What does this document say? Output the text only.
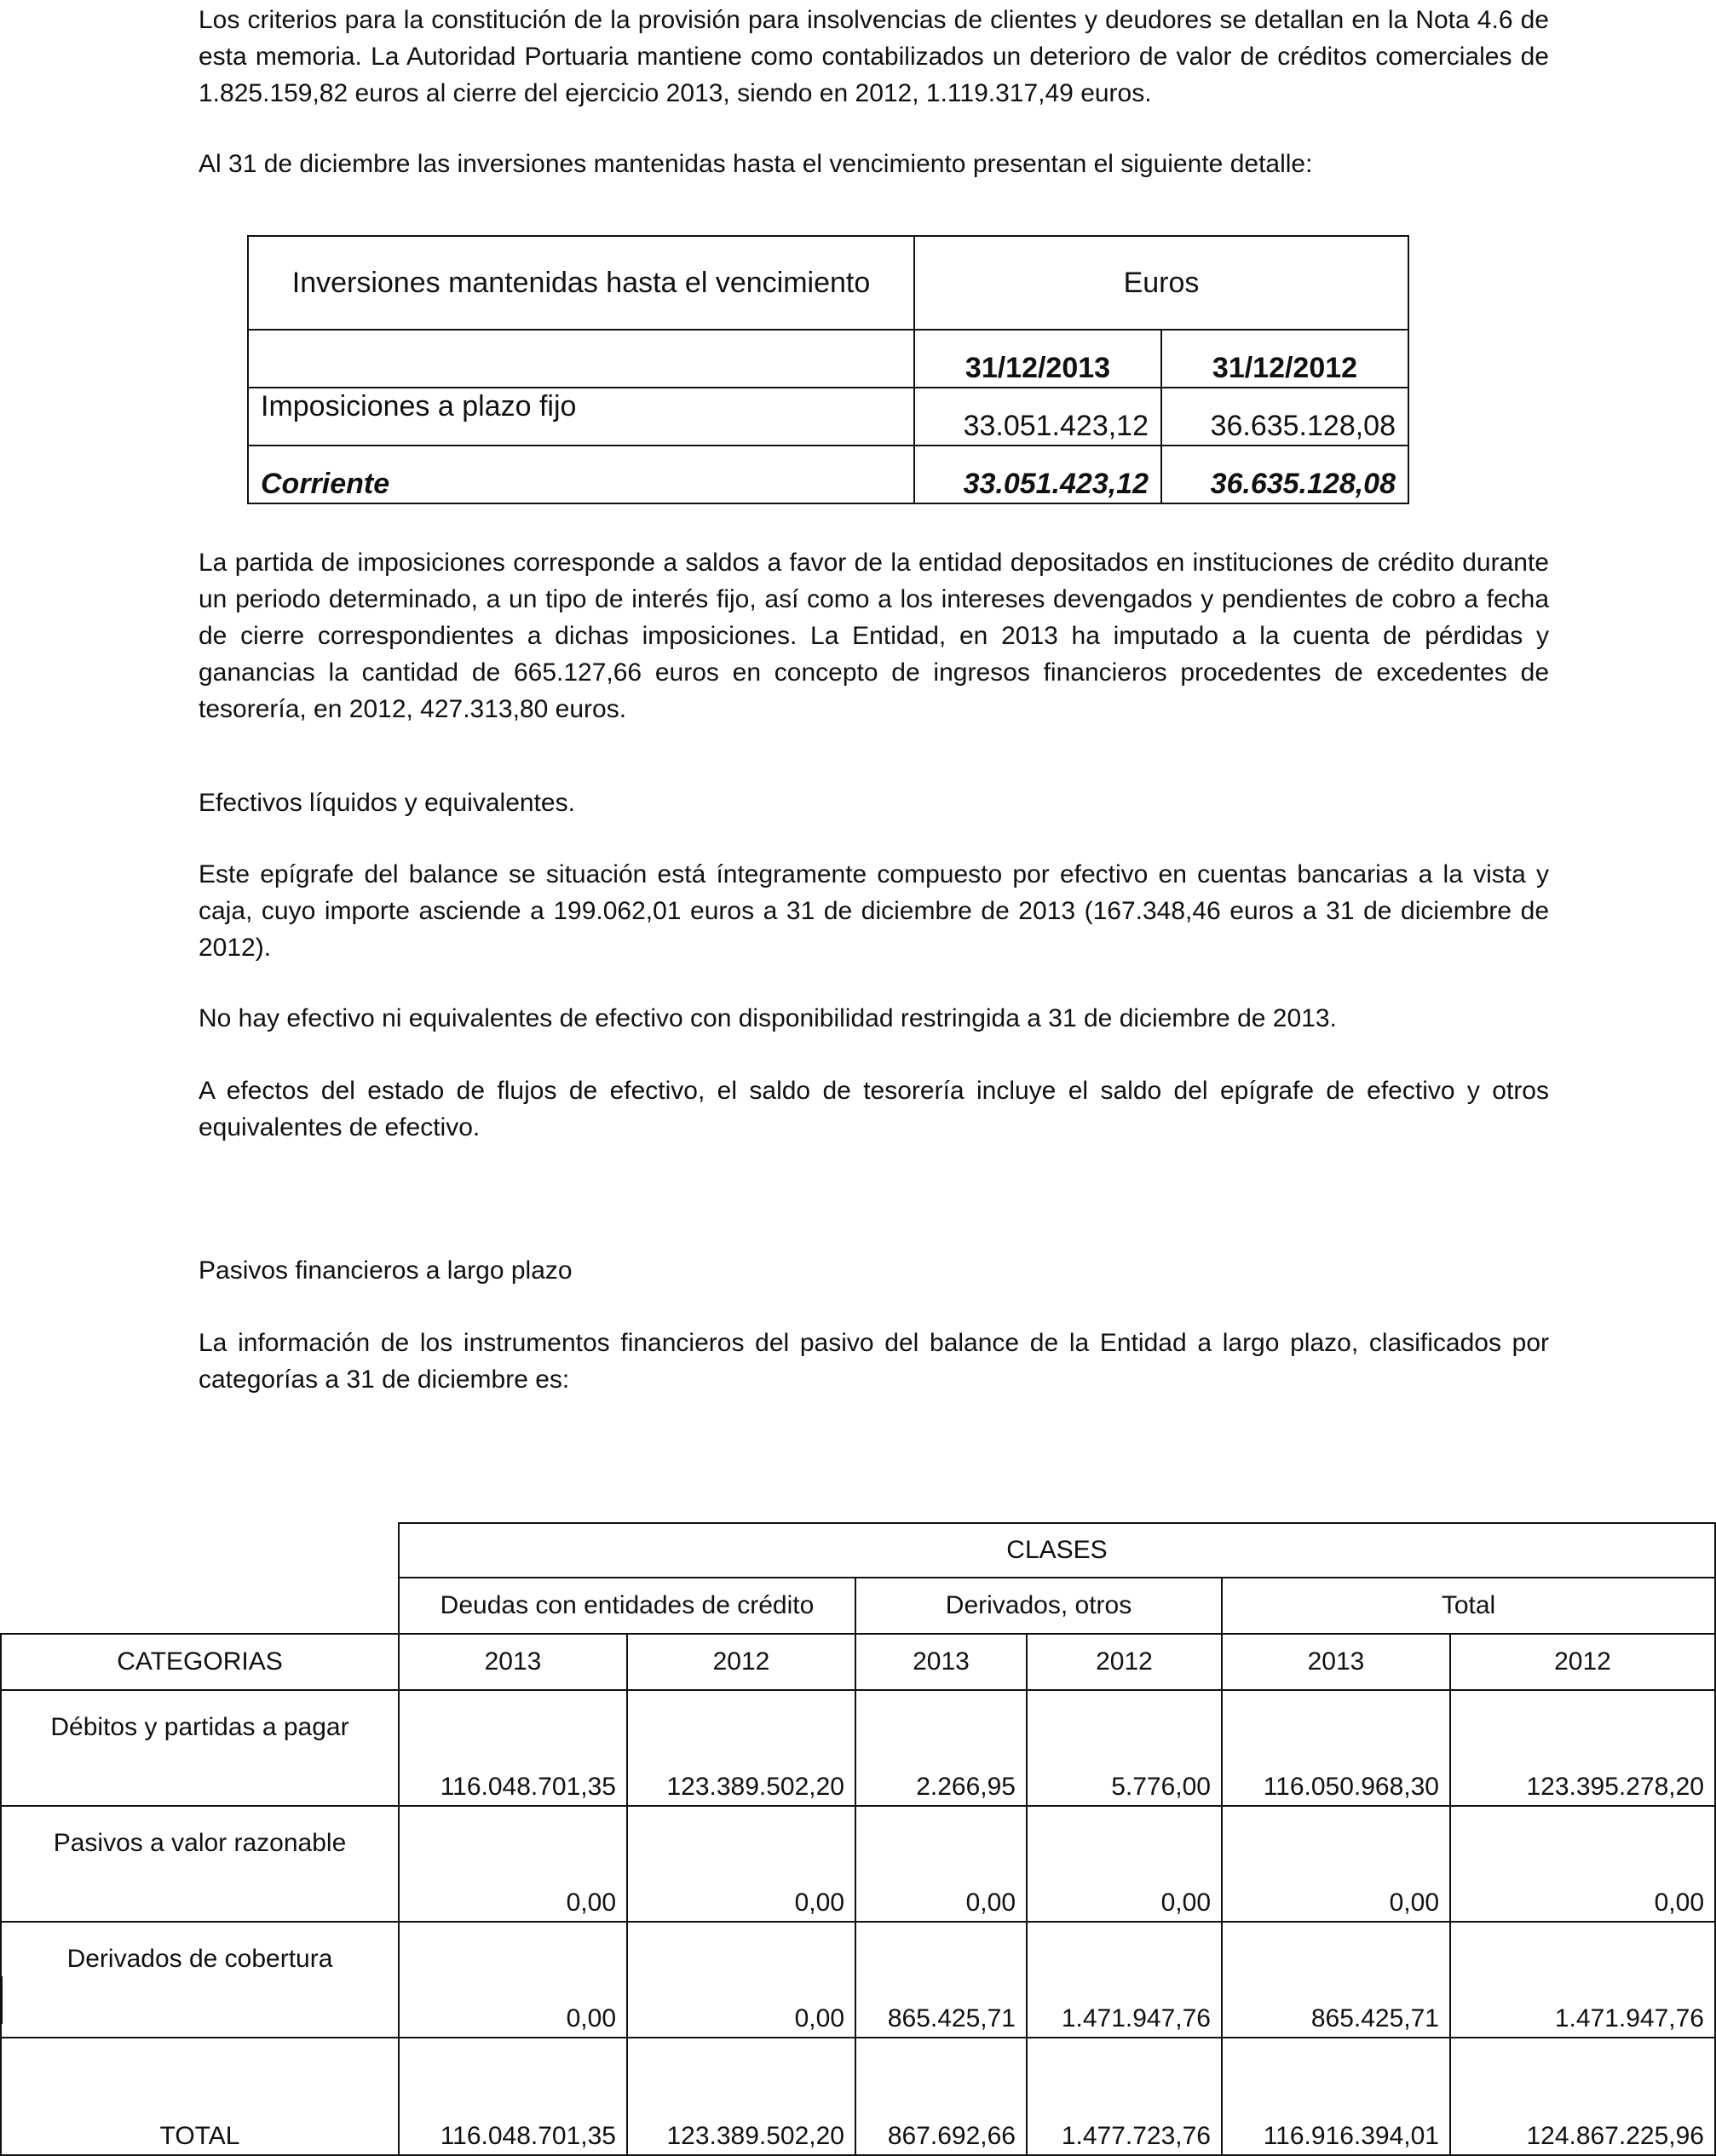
Los criterios para la constitución de la provisión para insolvencias de clientes y deudores se detallan en la Nota 4.6 de esta memoria. La Autoridad Portuaria mantiene como contabilizados un deterioro de valor de créditos comerciales de 1.825.159,82 euros al cierre del ejercicio 2013, siendo en 2012, 1.119.317,49 euros.

Al 31 de diciembre las inversiones mantenidas hasta el vencimiento presentan el siguiente detalle:

Inversiones mantenidas hasta el vencimiento	Euros	
	31/12/2013	31/12/2012
Imposiciones a plazo fijo	33.051.423,12	36.635.128,08
Corriente	33.051.423,12	36.635.128,08

La partida de imposiciones corresponde a saldos a favor de la entidad depositados en instituciones de crédito durante un periodo determinado, a un tipo de interés fijo, así como a los intereses devengados y pendientes de cobro a fecha de cierre correspondientes a dichas imposiciones. La Entidad, en 2013 ha imputado a la cuenta de pérdidas y ganancias la cantidad de 665.127,66 euros en concepto de ingresos financieros procedentes de excedentes de tesorería, en 2012, 427.313,80 euros.

Efectivos líquidos y equivalentes.

Este epígrafe del balance se situación está íntegramente compuesto por efectivo en cuentas bancarias a la vista y caja, cuyo importe asciende a 199.062,01 euros a 31 de diciembre de 2013 (167.348,46 euros a 31 de diciembre de 2012).

No hay efectivo ni equivalentes de efectivo con disponibilidad restringida a 31 de diciembre de 2013.

A efectos del estado de flujos de efectivo, el saldo de tesorería incluye el saldo del epígrafe de efectivo y otros equivalentes de efectivo.

Pasivos financieros a largo plazo

La información de los instrumentos financieros del pasivo del balance de la Entidad a largo plazo, clasificados por categorías a 31 de diciembre es:

	CLASES					
	Deudas con entidades de crédito		Derivados, otros		Total	
CATEGORIAS	2013	2012	2013	2012	2013	2012
Débitos y partidas a pagar	116.048.701,35	123.389.502,20	2.266,95	5.776,00	116.050.968,30	123.395.278,20
Pasivos a valor razonable	0,00	0,00	0,00	0,00	0,00	0,00
Derivados de cobertura	0,00	0,00	865.425,71	1.471.947,76	865.425,71	1.471.947,76
TOTAL	116.048.701,35	123.389.502,20	867.692,66	1.477.723,76	116.916.394,01	124.867.225,96
